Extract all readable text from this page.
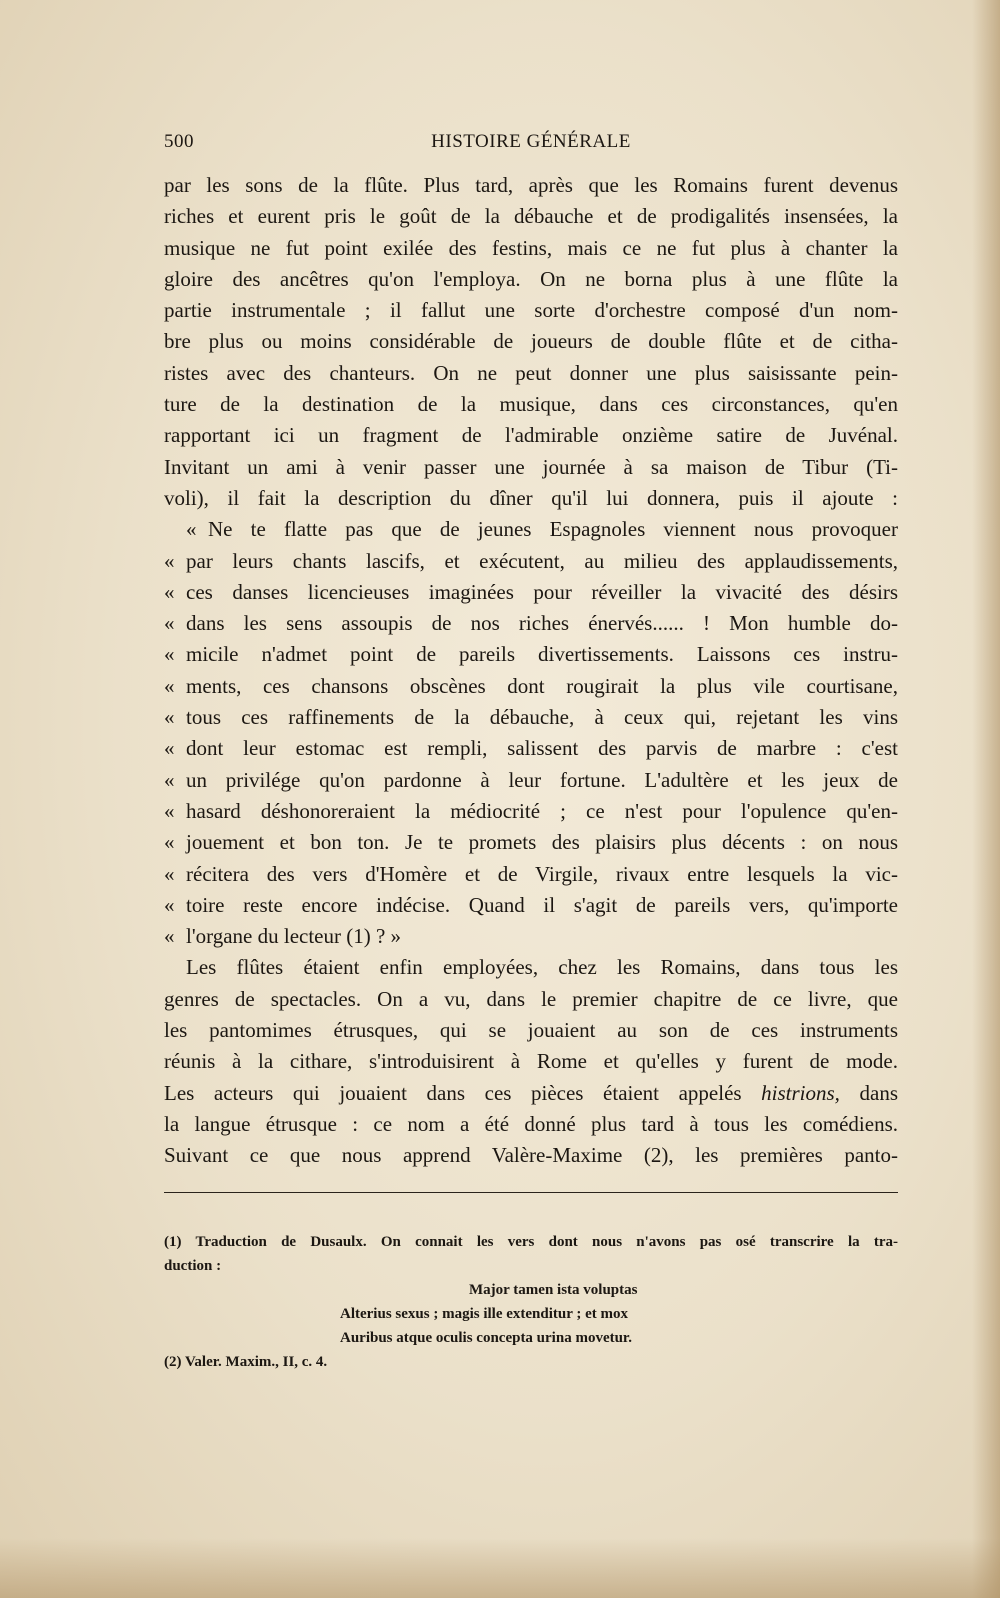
500	HISTOIRE GÉNÉRALE
par les sons de la flûte. Plus tard, après que les Romains furent devenus
riches et eurent pris le goût de la débauche et de prodigalités insensées, la
musique ne fut point exilée des festins, mais ce ne fut plus à chanter la
gloire des ancêtres qu'on l'employa. On ne borna plus à une flûte la
partie instrumentale ; il fallut une sorte d'orchestre composé d'un nom-
bre plus ou moins considérable de joueurs de double flûte et de cithа-
ristes avec des chanteurs. On ne peut donner une plus saisissante pein-
ture de la destination de la musique, dans ces circonstances, qu'en
rapportant ici un fragment de l'admirable onzième satire de Juvénal.
Invitant un ami à venir passer une journée à sa maison de Tibur (Ti-
voli), il fait la description du dîner qu'il lui donnera, puis il ajoute :
« Ne te flatte pas que de jeunes Espagnoles viennent nous provoquer
« par leurs chants lascifs, et exécutent, au milieu des applaudissements,
« ces danses licencieuses imaginées pour réveiller la vivacité des désirs
« dans les sens assoupis de nos riches énervés...... ! Mon humble do-
« micile n'admet point de pareils divertissements. Laissons ces instru-
« ments, ces chansons obscènes dont rougirait la plus vile courtisane,
« tous ces raffinements de la débauche, à ceux qui, rejetant les vins
« dont leur estomac est rempli, salissent des parvis de marbre : c'est
« un privilége qu'on pardonne à leur fortune. L'adultère et les jeux de
« hasard déshonoreraient la médiocrité ; ce n'est pour l'opulence qu'en-
« jouement et bon ton. Je te promets des plaisirs plus décents : on nous
« récitera des vers d'Homère et de Virgile, rivaux entre lesquels la vic-
« toire reste encore indécise. Quand il s'agit de pareils vers, qu'importe
« l'organe du lecteur (1) ? »
Les flûtes étaient enfin employées, chez les Romains, dans tous les
genres de spectacles. On a vu, dans le premier chapitre de ce livre, que
les pantomimes étrusques, qui se jouaient au son de ces instruments
réunis à la cithare, s'introduisirent à Rome et qu'elles y furent de mode.
Les acteurs qui jouaient dans ces pièces étaient appelés histrions, dans
la langue étrusque : ce nom a été donné plus tard à tous les comédiens.
Suivant ce que nous apprend Valère-Maxime (2), les premières panto-
(1) Traduction de Dusaulx. On connait les vers dont nous n'avons pas osé transcrire la tra-
duction :
Major tamen ista voluptas
Alterius sexus ; magis ille extenditur ; et mox
Auribus atque oculis concepta urina movetur.
(2) Valer. Maxim., II, c. 4.
